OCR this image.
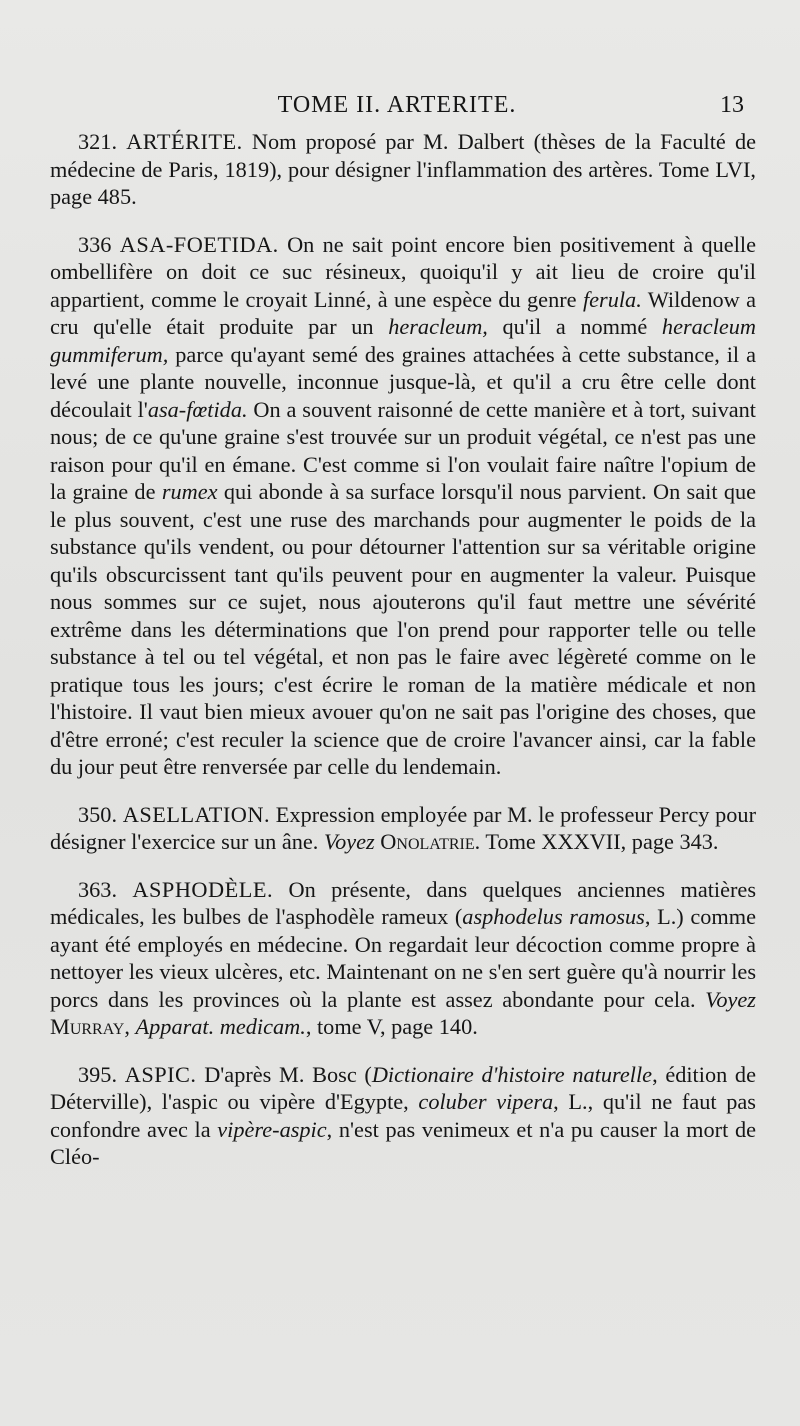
TOME II. ARTERITE.	13

321. ARTÉRITE. Nom proposé par M. Dalbert (thèses de la Faculté de médecine de Paris, 1819), pour désigner l'inflammation des artères. Tome LVI, page 485.

336 ASA-FOETIDA. On ne sait point encore bien positivement à quelle ombellifère on doit ce suc résineux, quoiqu'il y ait lieu de croire qu'il appartient, comme le croyait Linné, à une espèce du genre ferula. Wildenow a cru qu'elle était produite par un heracleum, qu'il a nommé heracleum gummiferum, parce qu'ayant semé des graines attachées à cette substance, il a levé une plante nouvelle, inconnue jusque-là, et qu'il a cru être celle dont découlait l'asa-fœtida. On a souvent raisonné de cette manière et à tort, suivant nous; de ce qu'une graine s'est trouvée sur un produit végétal, ce n'est pas une raison pour qu'il en émane. C'est comme si l'on voulait faire naître l'opium de la graine de rumex qui abonde à sa surface lorsqu'il nous parvient. On sait que le plus souvent, c'est une ruse des marchands pour augmenter le poids de la substance qu'ils vendent, ou pour détourner l'attention sur sa véritable origine qu'ils obscurcissent tant qu'ils peuvent pour en augmenter la valeur. Puisque nous sommes sur ce sujet, nous ajouterons qu'il faut mettre une sévérité extrême dans les déterminations que l'on prend pour rapporter telle ou telle substance à tel ou tel végétal, et non pas le faire avec légèreté comme on le pratique tous les jours; c'est écrire le roman de la matière médicale et non l'histoire. Il vaut bien mieux avouer qu'on ne sait pas l'origine des choses, que d'être erroné; c'est reculer la science que de croire l'avancer ainsi, car la fable du jour peut être renversée par celle du lendemain.

350. ASELLATION. Expression employée par M. le professeur Percy pour désigner l'exercice sur un âne. Voyez Onolatrie. Tome XXXVII, page 343.

363. ASPHODÈLE. On présente, dans quelques anciennes matières médicales, les bulbes de l'asphodèle rameux (asphodelus ramosus, L.) comme ayant été employés en médecine. On regardait leur décoction comme propre à nettoyer les vieux ulcères, etc. Maintenant on ne s'en sert guère qu'à nourrir les porcs dans les provinces où la plante est assez abondante pour cela. Voyez Murray, Apparat. medicam., tome V, page 140.

395. ASPIC. D'après M. Bosc (Dictionaire d'histoire naturelle, édition de Déterville), l'aspic ou vipère d'Egypte, coluber vipera, L., qu'il ne faut pas confondre avec la vipère-aspic, n'est pas venimeux et n'a pu causer la mort de Cléo-
